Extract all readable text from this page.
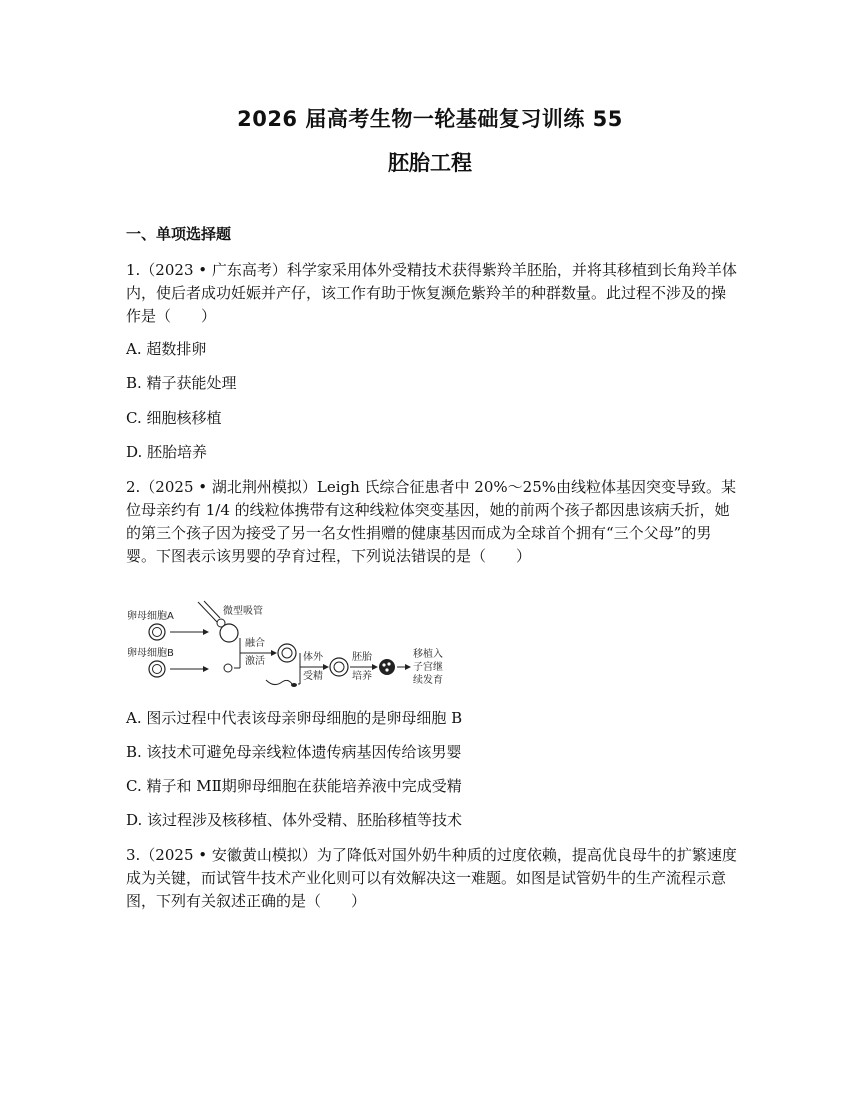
2026 届高考生物一轮基础复习训练 55
胚胎工程
一、单项选择题
1.（2023 • 广东高考）科学家采用体外受精技术获得紫羚羊胚胎，并将其移植到长角羚羊体内，使后者成功妊娠并产仔，该工作有助于恢复濒危紫羚羊的种群数量。此过程不涉及的操作是（　　）
A. 超数排卵
B. 精子获能处理
C. 细胞核移植
D. 胚胎培养
2.（2025 • 湖北荆州模拟）Leigh 氏综合征患者中 20%～25%由线粒体基因突变导致。某位母亲约有 1/4 的线粒体携带有这种线粒体突变基因，她的前两个孩子都因患该病夭折，她的第三个孩子因为接受了另一名女性捐赠的健康基因而成为全球首个拥有“三个父母”的男婴。下图表示该男婴的孕育过程，下列说法错误的是（　　）
卵母细胞A
卵母细胞B
微型吸管
融合
激活	体外
受精
胚胎
培养
移植入
子宫继
续发育
A. 图示过程中代表该母亲卵母细胞的是卵母细胞 B
B. 该技术可避免母亲线粒体遗传病基因传给该男婴
C. 精子和 MⅡ期卵母细胞在获能培养液中完成受精
D. 该过程涉及核移植、体外受精、胚胎移植等技术
3.（2025 • 安徽黄山模拟）为了降低对国外奶牛种质的过度依赖，提高优良母牛的扩繁速度成为关键，而试管牛技术产业化则可以有效解决这一难题。如图是试管奶牛的生产流程示意图，下列有关叙述正确的是（　　）
